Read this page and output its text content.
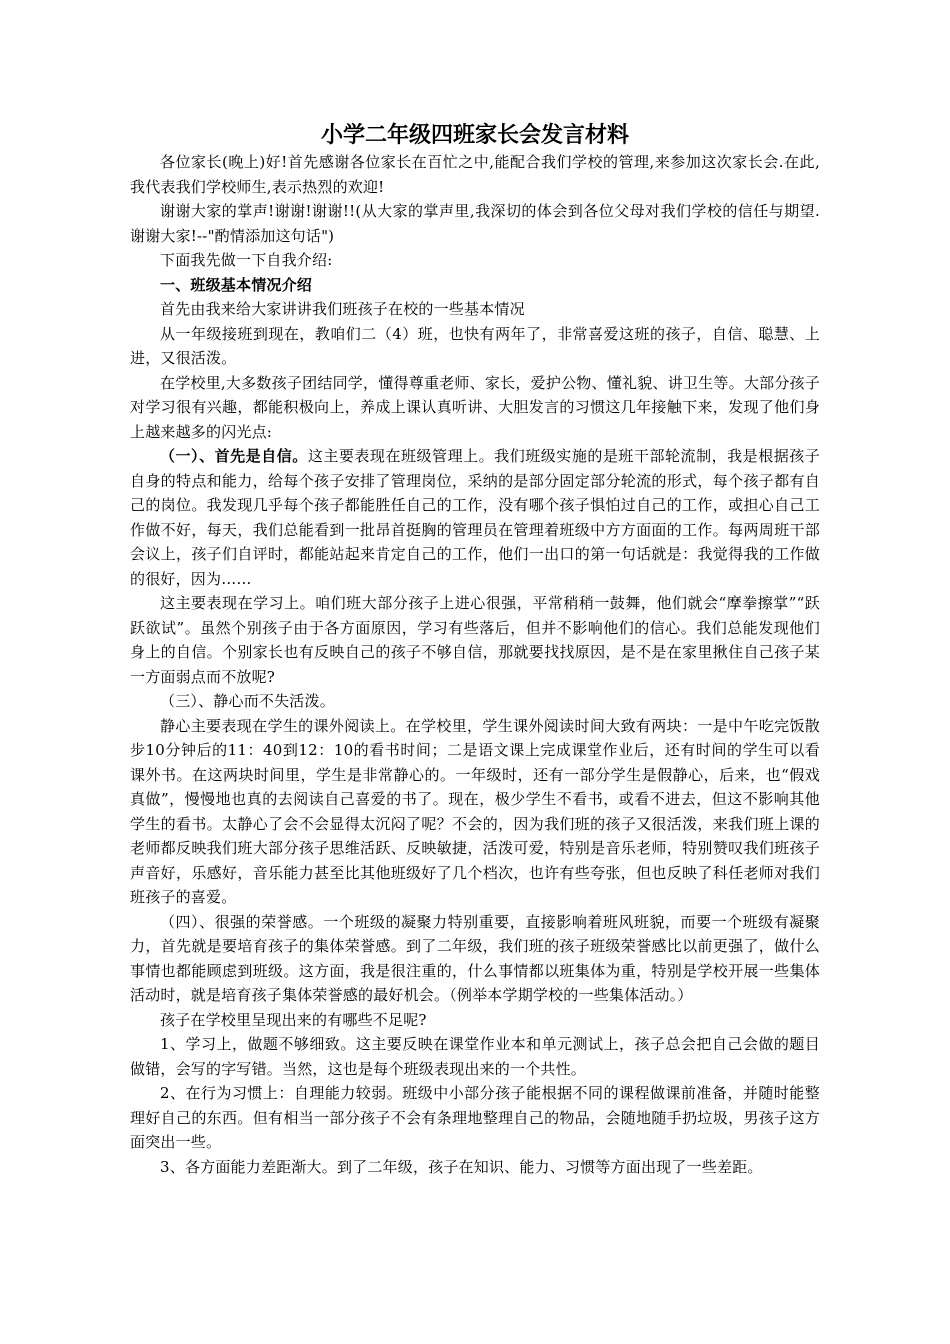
小学二年级四班家长会发言材料

各位家长(晚上)好!首先感谢各位家长在百忙之中,能配合我们学校的管理,来参加这次家长会.在此,我代表我们学校师生,表示热烈的欢迎!

谢谢大家的掌声!谢谢!谢谢!!(从大家的掌声里,我深切的体会到各位父母对我们学校的信任与期望.谢谢大家!--"酌情添加这句话")

下面我先做一下自我介绍:

一、班级基本情况介绍

首先由我来给大家讲讲我们班孩子在校的一些基本情况

从一年级接班到现在，教咱们二（4）班，也快有两年了，非常喜爱这班的孩子，自信、聪慧、上进，又很活泼。

在学校里,大多数孩子团结同学，懂得尊重老师、家长，爱护公物、懂礼貌、讲卫生等。大部分孩子对学习很有兴趣，都能积极向上，养成上课认真听讲、大胆发言的习惯这几年接触下来，发现了他们身上越来越多的闪光点:

（一）、首先是自信。这主要表现在班级管理上。我们班级实施的是班干部轮流制，我是根据孩子自身的特点和能力，给每个孩子安排了管理岗位，采纳的是部分固定部分轮流的形式，每个孩子都有自己的岗位。我发现几乎每个孩子都能胜任自己的工作，没有哪个孩子惧怕过自己的工作，或担心自己工作做不好，每天，我们总能看到一批昂首挺胸的管理员在管理着班级中方方面面的工作。每两周班干部会议上，孩子们自评时，都能站起来肯定自己的工作，他们一出口的第一句话就是：我觉得我的工作做的很好，因为……

这主要表现在学习上。咱们班大部分孩子上进心很强，平常稍稍一鼓舞，他们就会“摩拳擦掌”“跃跃欲试”。虽然个别孩子由于各方面原因，学习有些落后，但并不影响他们的信心。我们总能发现他们身上的自信。个别家长也有反映自己的孩子不够自信，那就要找找原因，是不是在家里揪住自己孩子某一方面弱点而不放呢?

（三）、静心而不失活泼。

静心主要表现在学生的课外阅读上。在学校里，学生课外阅读时间大致有两块：一是中午吃完饭散步10分钟后的11：40到12：10的看书时间；二是语文课上完成课堂作业后，还有时间的学生可以看课外书。在这两块时间里，学生是非常静心的。一年级时，还有一部分学生是假静心，后来，也“假戏真做”，慢慢地也真的去阅读自己喜爱的书了。现在，极少学生不看书，或看不进去，但这不影响其他学生的看书。太静心了会不会显得太沉闷了呢？不会的，因为我们班的孩子又很活泼，来我们班上课的老师都反映我们班大部分孩子思维活跃、反映敏捷，活泼可爱，特别是音乐老师，特别赞叹我们班孩子声音好，乐感好，音乐能力甚至比其他班级好了几个档次，也许有些夸张，但也反映了科任老师对我们班孩子的喜爱。

（四）、很强的荣誉感。一个班级的凝聚力特别重要，直接影响着班风班貌，而要一个班级有凝聚力，首先就是要培育孩子的集体荣誉感。到了二年级，我们班的孩子班级荣誉感比以前更强了，做什么事情也都能顾虑到班级。这方面，我是很注重的，什么事情都以班集体为重，特别是学校开展一些集体活动时，就是培育孩子集体荣誉感的最好机会。（例举本学期学校的一些集体活动。）

孩子在学校里呈现出来的有哪些不足呢?

1、学习上，做题不够细致。这主要反映在课堂作业本和单元测试上，孩子总会把自己会做的题目做错，会写的字写错。当然，这也是每个班级表现出来的一个共性。

2、在行为习惯上：自理能力较弱。班级中小部分孩子能根据不同的课程做课前准备，并随时能整理好自己的东西。但有相当一部分孩子不会有条理地整理自己的物品，会随地随手扔垃圾，男孩子这方面突出一些。

3、各方面能力差距渐大。到了二年级，孩子在知识、能力、习惯等方面出现了一些差距。
